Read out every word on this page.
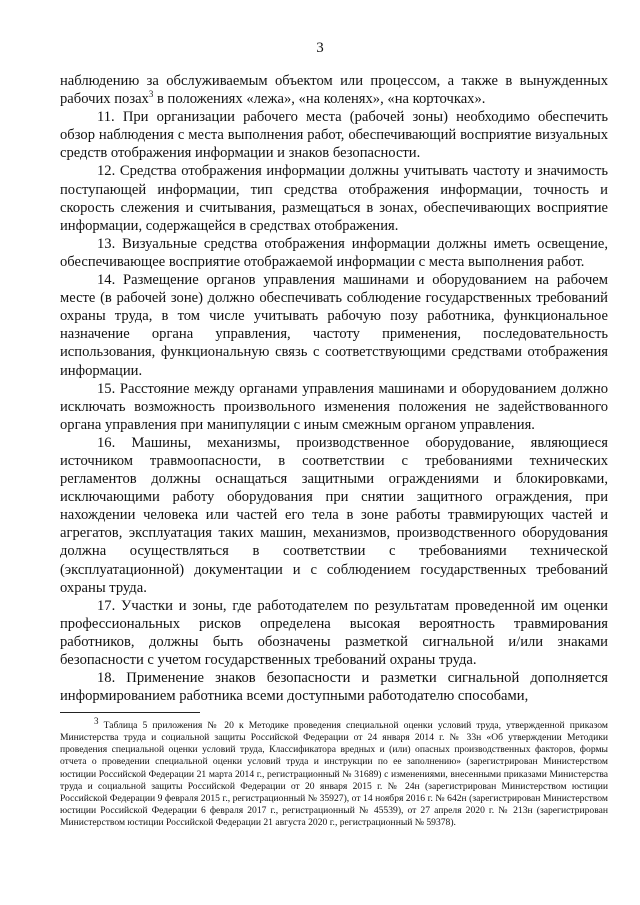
3

наблюдению за обслуживаемым объектом или процессом, а также в вынужденных рабочих позах$^3$ в положениях «лежа», «на коленях», «на корточках».

11. При организации рабочего места (рабочей зоны) необходимо обеспечить обзор наблюдения с места выполнения работ, обеспечивающий восприятие визуальных средств отображения информации и знаков безопасности.

12. Средства отображения информации должны учитывать частоту и значимость поступающей информации, тип средства отображения информации, точность и скорость слежения и считывания, размещаться в зонах, обеспечивающих восприятие информации, содержащейся в средствах отображения.

13. Визуальные средства отображения информации должны иметь освещение, обеспечивающее восприятие отображаемой информации с места выполнения работ.

14. Размещение органов управления машинами и оборудованием на рабочем месте (в рабочей зоне) должно обеспечивать соблюдение государственных требований охраны труда, в том числе учитывать рабочую позу работника, функциональное назначение органа управления, частоту применения, последовательность использования, функциональную связь с соответствующими средствами отображения информации.

15. Расстояние между органами управления машинами и оборудованием должно исключать возможность произвольного изменения положения не задействованного органа управления при манипуляции с иным смежным органом управления.

16. Машины, механизмы, производственное оборудование, являющиеся источником травмоопасности, в соответствии с требованиями технических регламентов должны оснащаться защитными ограждениями и блокировками, исключающими работу оборудования при снятии защитного ограждения, при нахождении человека или частей его тела в зоне работы травмирующих частей и агрегатов, эксплуатация таких машин, механизмов, производственного оборудования должна осуществляться в соответствии с требованиями технической (эксплуатационной) документации и с соблюдением государственных требований охраны труда.

17. Участки и зоны, где работодателем по результатам проведенной им оценки профессиональных рисков определена высокая вероятность травмирования работников, должны быть обозначены разметкой сигнальной и/или знаками безопасности с учетом государственных требований охраны труда.

18. Применение знаков безопасности и разметки сигнальной дополняется информированием работника всеми доступными работодателю способами,

$^3$ Таблица 5 приложения № 20 к Методике проведения специальной оценки условий труда, утвержденной приказом Министерства труда и социальной защиты Российской Федерации от 24 января 2014 г. № 33н «Об утверждении Методики проведения специальной оценки условий труда, Классификатора вредных и (или) опасных производственных факторов, формы отчета о проведении специальной оценки условий труда и инструкции по ее заполнению» (зарегистрирован Министерством юстиции Российской Федерации 21 марта 2014 г., регистрационный № 31689) с изменениями, внесенными приказами Министерства труда и социальной защиты Российской Федерации от 20 января 2015 г. № 24н (зарегистрирован Министерством юстиции Российской Федерации 9 февраля 2015 г., регистрационный № 35927), от 14 ноября 2016 г. № 642н (зарегистрирован Министерством юстиции Российской Федерации 6 февраля 2017 г., регистрационный № 45539), от 27 апреля 2020 г. № 213н (зарегистрирован Министерством юстиции Российской Федерации 21 августа 2020 г., регистрационный № 59378).
